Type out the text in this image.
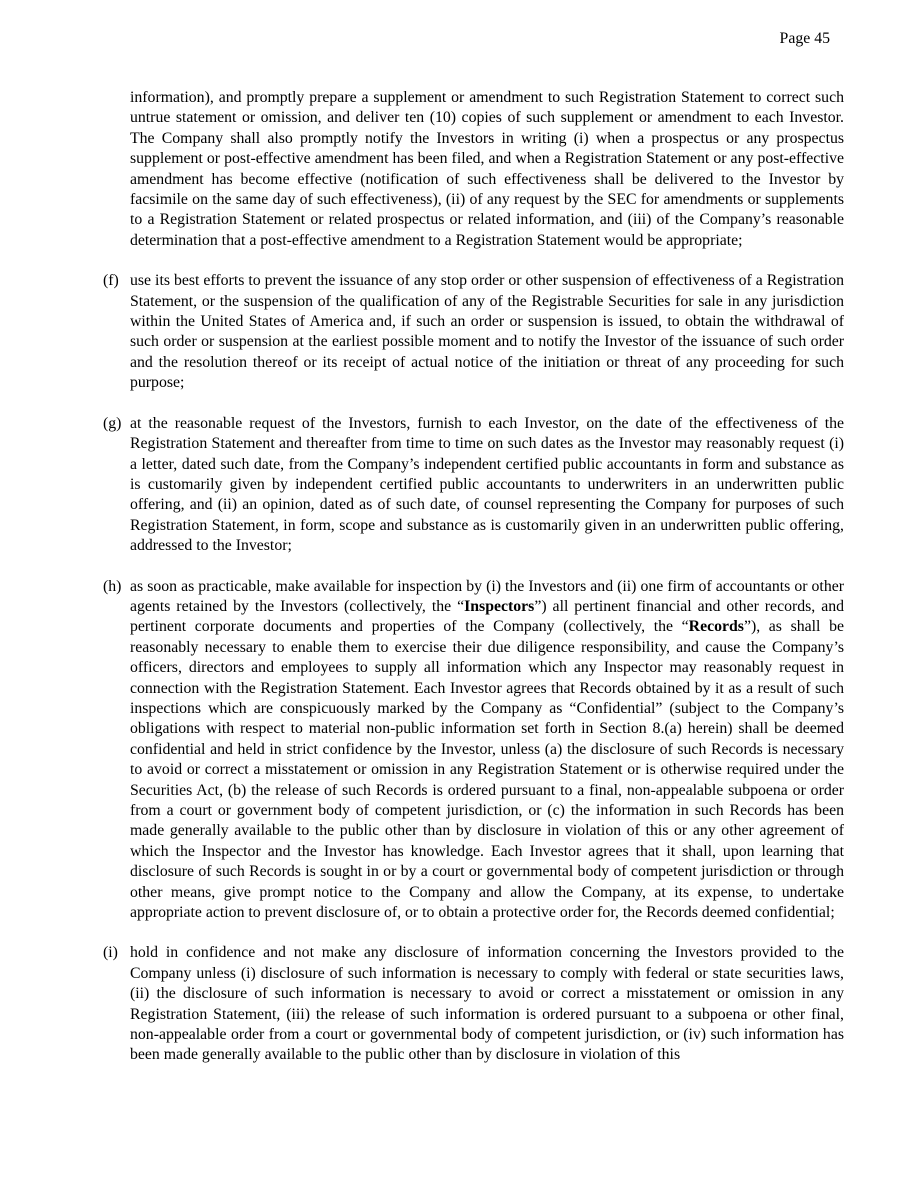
Page 45

information), and promptly prepare a supplement or amendment to such Registration Statement to correct such untrue statement or omission, and deliver ten (10) copies of such supplement or amendment to each Investor. The Company shall also promptly notify the Investors in writing (i) when a prospectus or any prospectus supplement or post-effective amendment has been filed, and when a Registration Statement or any post-effective amendment has become effective (notification of such effectiveness shall be delivered to the Investor by facsimile on the same day of such effectiveness), (ii) of any request by the SEC for amendments or supplements to a Registration Statement or related prospectus or related information, and (iii) of the Company’s reasonable determination that a post-effective amendment to a Registration Statement would be appropriate;

(f) use its best efforts to prevent the issuance of any stop order or other suspension of effectiveness of a Registration Statement, or the suspension of the qualification of any of the Registrable Securities for sale in any jurisdiction within the United States of America and, if such an order or suspension is issued, to obtain the withdrawal of such order or suspension at the earliest possible moment and to notify the Investor of the issuance of such order and the resolution thereof or its receipt of actual notice of the initiation or threat of any proceeding for such purpose;

(g) at the reasonable request of the Investors, furnish to each Investor, on the date of the effectiveness of the Registration Statement and thereafter from time to time on such dates as the Investor may reasonably request (i) a letter, dated such date, from the Company’s independent certified public accountants in form and substance as is customarily given by independent certified public accountants to underwriters in an underwritten public offering, and (ii) an opinion, dated as of such date, of counsel representing the Company for purposes of such Registration Statement, in form, scope and substance as is customarily given in an underwritten public offering, addressed to the Investor;

(h) as soon as practicable, make available for inspection by (i) the Investors and (ii) one firm of accountants or other agents retained by the Investors (collectively, the “Inspectors”) all pertinent financial and other records, and pertinent corporate documents and properties of the Company (collectively, the “Records”), as shall be reasonably necessary to enable them to exercise their due diligence responsibility, and cause the Company’s officers, directors and employees to supply all information which any Inspector may reasonably request in connection with the Registration Statement. Each Investor agrees that Records obtained by it as a result of such inspections which are conspicuously marked by the Company as “Confidential” (subject to the Company’s obligations with respect to material non-public information set forth in Section 8.(a) herein) shall be deemed confidential and held in strict confidence by the Investor, unless (a) the disclosure of such Records is necessary to avoid or correct a misstatement or omission in any Registration Statement or is otherwise required under the Securities Act, (b) the release of such Records is ordered pursuant to a final, non-appealable subpoena or order from a court or government body of competent jurisdiction, or (c) the information in such Records has been made generally available to the public other than by disclosure in violation of this or any other agreement of which the Inspector and the Investor has knowledge. Each Investor agrees that it shall, upon learning that disclosure of such Records is sought in or by a court or governmental body of competent jurisdiction or through other means, give prompt notice to the Company and allow the Company, at its expense, to undertake appropriate action to prevent disclosure of, or to obtain a protective order for, the Records deemed confidential;

(i) hold in confidence and not make any disclosure of information concerning the Investors provided to the Company unless (i) disclosure of such information is necessary to comply with federal or state securities laws, (ii) the disclosure of such information is necessary to avoid or correct a misstatement or omission in any Registration Statement, (iii) the release of such information is ordered pursuant to a subpoena or other final, non-appealable order from a court or governmental body of competent jurisdiction, or (iv) such information has been made generally available to the public other than by disclosure in violation of this
